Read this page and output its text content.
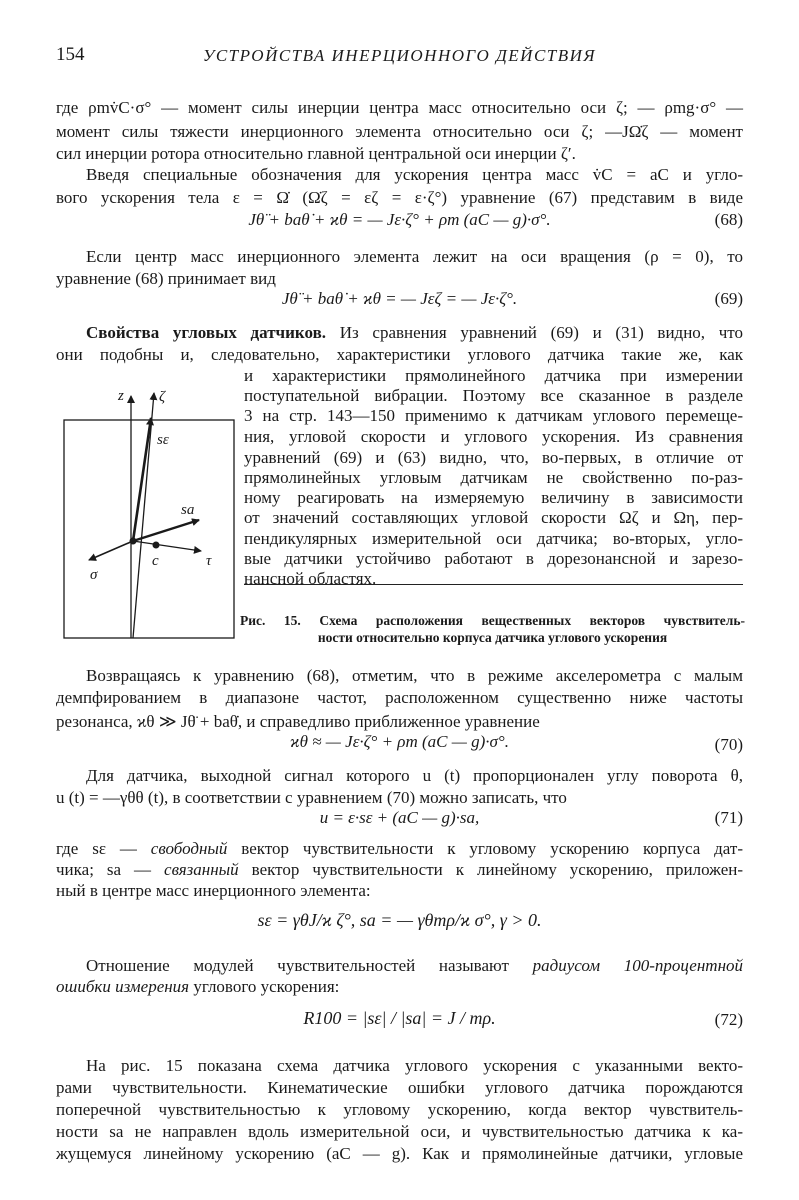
154	УСТРОЙСТВА ИНЕРЦИОННОГО ДЕЙСТВИЯ
где ρmv̇C·σ° — момент силы инерции центра масс относительно оси ζ; — ρmg·σ° —
момент силы тяжести инерционного элемента относительно оси ζ; —JΩ̇ζ — момент
сил инерции ротора относительно главной центральной оси инерции ζ′.
Введя специальные обозначения для ускорения центра масс v̇C = aC и угло-
вого ускорения тела ε = Ω̇ (Ω̇ζ = εζ = ε·ζ°) уравнение (67) представим в виде
Jθ̈ + baθ̇ + ϰθ = — Jε·ζ° + ρm (aC — g)·σ°.	(68)
Если центр масс инерционного элемента лежит на оси вращения (ρ = 0), то
уравнение (68) принимает вид
Jθ̈ + baθ̇ + ϰθ = — Jεζ = — Jε·ζ°.	(69)
Свойства угловых датчиков. Из сравнения уравнений (69) и (31) видно, что
они подобны и, следовательно, характеристики углового датчика такие же, как
и характеристики прямолинейного датчика при измерении
поступательной вибрации. Поэтому все сказанное в разделе
3 на стр. 143—150 применимо к датчикам углового перемеще-
ния, угловой скорости и углового ускорения. Из сравнения
уравнений (69) и (63) видно, что, во-первых, в отличие от
прямолинейных угловым датчикам не свойственно по-раз-
ному реагировать на измеряемую величину в зависимости
от значений составляющих угловой скорости Ωζ и Ωη, пер-
пендикулярных измерительной оси датчика; во-вторых, угло-
вые датчики устойчиво работают в дорезонансной и зарезо-
нансной областях.
z ζ
sε
sa
c	τ
σ
Рис. 15. Схема расположения вещественных векторов чувствитель-
ности относительно корпуса датчика углового ускорения
Возвращаясь к уравнению (68), отметим, что в режиме акселерометра с малым
демпфированием в диапазоне частот, расположенном существенно ниже частоты
резонанса, ϰθ ≫ Jθ̈ + baθ̇, и справедливо приближенное уравнение
ϰθ ≈ — Jε·ζ° + ρm (aC — g)·σ°.	(70)
Для датчика, выходной сигнал которого u (t) пропорционален углу поворота θ,
u (t) = —γθθ (t), в соответствии с уравнением (70) можно записать, что
u = ε·sε + (aC — g)·sa,	(71)
где sε — свободный вектор чувствительности к угловому ускорению корпуса дат-
чика; sa — связанный вектор чувствительности к линейному ускорению, приложен-
ный в центре масс инерционного элемента:
sε = γθJ/ϰ ζ°, sa = — γθmρ/ϰ σ°, γ > 0.
Отношение модулей чувствительностей называют радиусом 100-процентной
ошибки измерения углового ускорения:
R100 = |sε| / |sa| = J / mρ.	(72)
На рис. 15 показана схема датчика углового ускорения с указанными векто-
рами чувствительности. Кинематические ошибки углового датчика порождаются
поперечной чувствительностью к угловому ускорению, когда вектор чувствитель-
ности sa не направлен вдоль измерительной оси, и чувствительностью датчика к ка-
жущемуся линейному ускорению (aC — g). Как и прямолинейные датчики, угловые
